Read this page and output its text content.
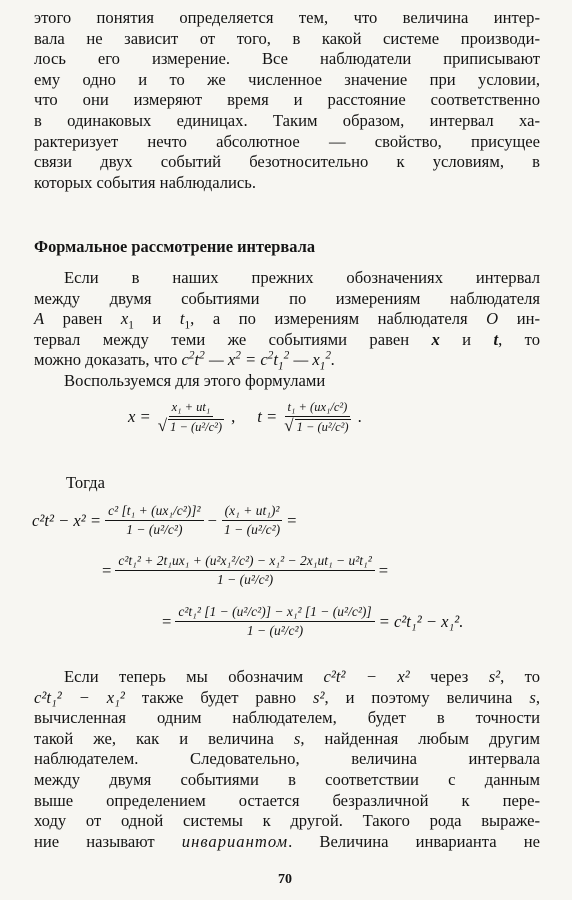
этого понятия определяется тем, что величина интер-
вала не зависит от того, в какой системе производи-
лось его измерение. Все наблюдатели приписывают
ему одно и то же численное значение при условии,
что они измеряют время и расстояние соответственно
в одинаковых единицах. Таким образом, интервал ха-
рактеризует нечто абсолютное — свойство, присущее
связи двух событий безотносительно к условиям, в
которых события наблюдались.

Формальное рассмотрение интервала

Если в наших прежних обозначениях интервал
между двумя событиями по измерениям наблюдателя
A равен $x_1$ и $t_1$, а по измерениям наблюдателя O ин-
тервал между теми же событиями равен x и t, то
можно доказать, что $c^2t^2$ — $x^2 = c^2t_1^2$ — $x_1^2$.
Воспользуемся для этого формулами

x = x₁ + ut₁
√ 1 − (u²/c²) , t = t₁ + (ux₁/c²)
√ 1 − (u²/c²) .
Тогда
$c^2t^2 - x^2 = \frac{\text{c² [t₁ + (ux₁/c²)]²}}{\text{1 − (u²/c²)}} - \frac{\text{(x₁ + ut₁)²}}{\text{1 − (u²/c²)}}$ =
= $\frac{\text{c²t₁² + 2t₁ux₁ + (u²x₁²/c²) − x₁² − 2x₁ut₁ − u²t₁²}}{\text{1 − (u²/c²)}}$ =
= $\frac{\text{c²t₁² [1 − (u²/c²)] − x₁² [1 − (u²/c²)]}}{\text{1 − (u²/c²)}} = c^2t_1^2 - x_1^2$.

Если теперь мы обозначим c²t² − x² через s², то
c²t₁² − x₁² также будет равно s², и поэтому величина s,
вычисленная одним наблюдателем, будет в точности
такой же, как и величина s, найденная любым другим
наблюдателем. Следовательно, величина интервала
между двумя событиями в соответствии с данным
выше определением остается безразличной к пере-
ходу от одной системы к другой. Такого рода выраже-
ние называют инвариантом. Величина инварианта не

70
